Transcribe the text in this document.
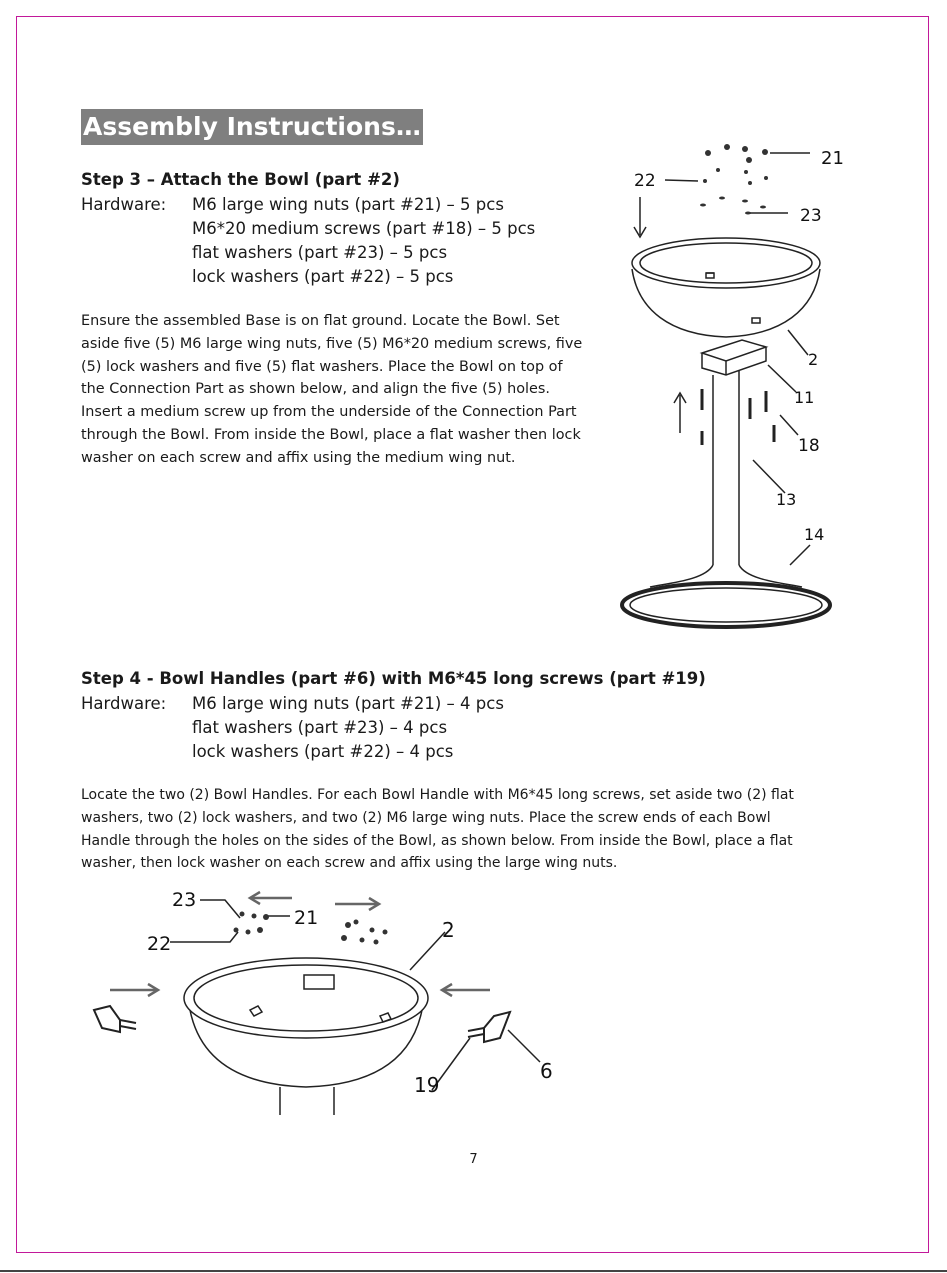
Assembly Instructions…
Step 3 – Attach the Bowl (part #2)
Hardware: M6 large wing nuts (part #21) – 5 pcs
M6*20 medium screws (part #18) – 5 pcs
flat washers (part #23) – 5 pcs
lock washers (part #22) – 5 pcs
Ensure the assembled Base is on flat ground. Locate the Bowl. Set
aside five (5) M6 large wing nuts, five (5) M6*20 medium screws, five
(5) lock washers and five (5) flat washers. Place the Bowl on top of
the Connection Part as shown below, and align the five (5) holes.
Insert a medium screw up from the underside of the Connection Part
through the Bowl. From inside the Bowl, place a flat washer then lock
washer on each screw and affix using the medium wing nut.
21
22
23
2
11
18
13
14
Step 4 - Bowl Handles (part #6) with M6*45 long screws (part #19)
Hardware: M6 large wing nuts (part #21) – 4 pcs
flat washers (part #23) – 4 pcs
lock washers (part #22) – 4 pcs
Locate the two (2) Bowl Handles. For each Bowl Handle with M6*45 long screws, set aside two (2) flat
washers, two (2) lock washers, and two (2) M6 large wing nuts. Place the screw ends of each Bowl
Handle through the holes on the sides of the Bowl, as shown below. From inside the Bowl, place a flat
washer, then lock washer on each screw and affix using the large wing nuts.
23
21
22
2
19
6
7
